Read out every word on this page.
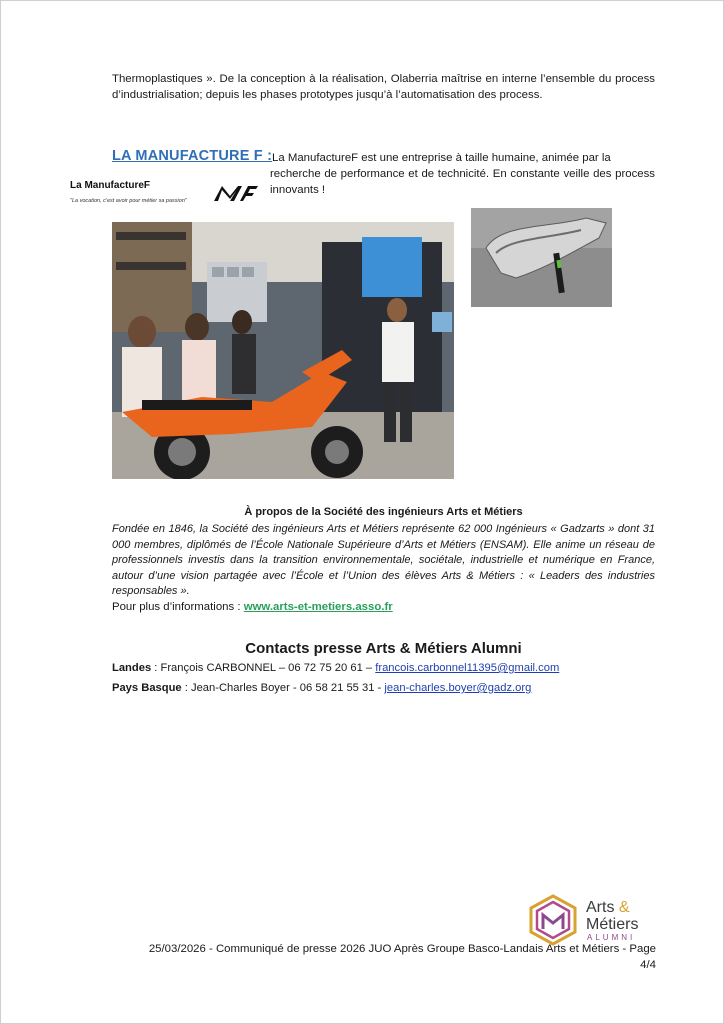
Thermoplastiques ». De la conception à la réalisation, Olaberria maîtrise en interne l’ensemble du process d’industrialisation; depuis les phases prototypes jusqu’à l’automatisation des process.
LA MANUFACTURE F : La ManufactureF est une entreprise à taille humaine, animée par la
recherche de performance et de technicité. En constante veille des process innovants !
La ManufactureF
"La vocation, c'est avoir pour métier sa passion"
À propos de la Société des ingénieurs Arts et Métiers
Fondée en 1846, la Société des ingénieurs Arts et Métiers représente 62 000 Ingénieurs « Gadzarts » dont 31 000 membres, diplômés de l’École Nationale Supérieure d’Arts et Métiers (ENSAM). Elle anime un réseau de professionnels investis dans la transition environnementale, sociétale, industrielle et numérique en France, autour d’une vision partagée avec l’École et l’Union des élèves Arts & Métiers : « Leaders des industries responsables ».
Pour plus d’informations : www.arts-et-metiers.asso.fr
Contacts presse Arts & Métiers Alumni
Landes : François CARBONNEL – 06 72 75 20 61 – francois.carbonnel11395@gmail.com
Pays Basque : Jean-Charles Boyer - 06 58 21 55 31 - jean-charles.boyer@gadz.org
25/03/2026 - Communiqué de presse 2026 JUO Après Groupe Basco-Landais Arts et Métiers - Page
4/4
Arts &
Métiers
ALUMNI
